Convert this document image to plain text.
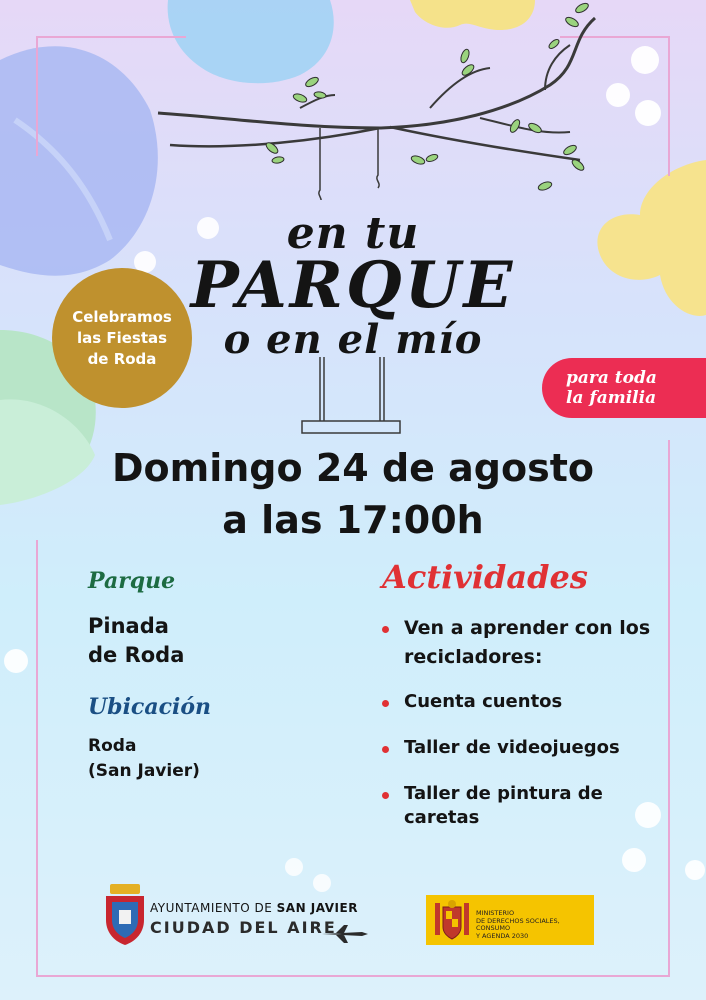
en tu
PARQUE
o en el mío
Celebramos
las Fiestas
de Roda
para toda
la familia
Domingo 24 de agosto
a las 17:00h
Parque
Pinada
de Roda
Ubicación
Roda
(San Javier)
Actividades
Ven a aprender con los recicladores:
Cuenta cuentos
Taller de videojuegos
Taller de pintura de caretas
AYUNTAMIENTO DE SAN JAVIER
CIUDAD DEL AIRE
MINISTERIO
DE DERECHOS SOCIALES, CONSUMO
Y AGENDA 2030
